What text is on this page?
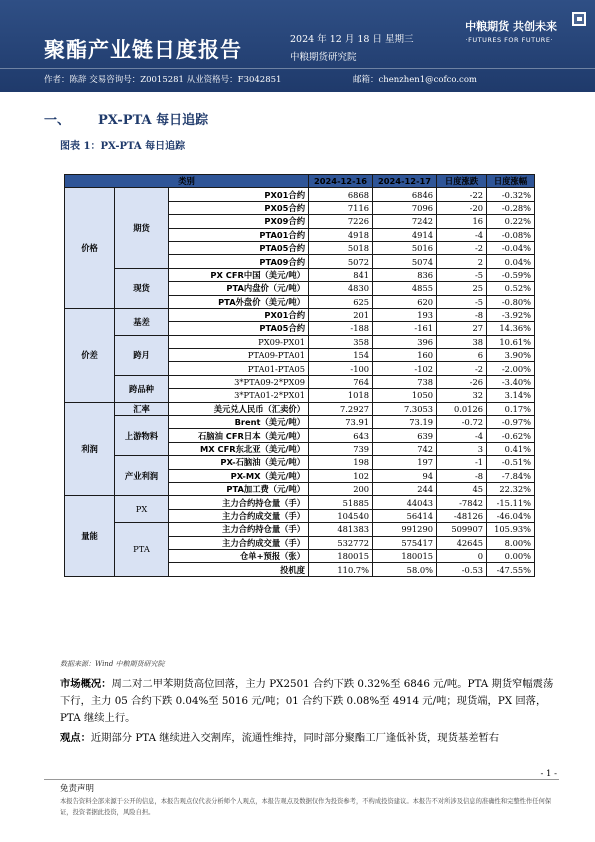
聚酯产业链日度报告	2024 年 12 月 18 日 星期三
中粮期货研究院
中粮期货 共创未来
·FUTURES FOR FUTURE·
作者：陈辞 交易咨询号：Z0015281 从业资格号：F3042851	邮箱：chenzhen1@cofco.com
一、 PX-PTA 每日追踪
图表 1：PX-PTA 每日追踪
类别			2024-12-16	2024-12-17	日度涨跌	日度涨幅
价格	期货	PX01合约	6868	6846	-22	-0.32%
		PX05合约	7116	7096	-20	-0.28%
		PX09合约	7226	7242	16	0.22%
		PTA01合约	4918	4914	-4	-0.08%
		PTA05合约	5018	5016	-2	-0.04%
		PTA09合约	5072	5074	2	0.04%
	现货	PX CFR中国（美元/吨）	841	836	-5	-0.59%
		PTA内盘价（元/吨）	4830	4855	25	0.52%
		PTA外盘价（美元/吨）	625	620	-5	-0.80%
价差	基差	PX01合约	201	193	-8	-3.92%
		PTA05合约	-188	-161	27	14.36%
	跨月	PX09-PX01	358	396	38	10.61%
		PTA09-PTA01	154	160	6	3.90%
		PTA01-PTA05	-100	-102	-2	-2.00%
	跨品种	3*PTA09-2*PX09	764	738	-26	-3.40%
		3*PTA01-2*PX01	1018	1050	32	3.14%
利润	汇率	美元兑人民币（汇卖价）	7.2927	7.3053	0.0126	0.17%
	上游物料	Brent（美元/吨）	73.91	73.19	-0.72	-0.97%
		石脑油 CFR日本（美元/吨）	643	639	-4	-0.62%
		MX CFR东北亚（美元/吨）	739	742	3	0.41%
	产业利润	PX-石脑油（美元/吨）	198	197	-1	-0.51%
		PX-MX（美元/吨）	102	94	-8	-7.84%
		PTA加工费（元/吨）	200	244	45	22.32%
量能	PX	主力合约持仓量（手）	51885	44043	-7842	-15.11%
		主力合约成交量（手）	104540	56414	-48126	-46.04%
	PTA	主力合约持仓量（手）	481383	991290	509907	105.93%
		主力合约成交量（手）	532772	575417	42645	8.00%
		仓单+预报（张）	180015	180015	0	0.00%
		投机度	110.7%	58.0%	-0.53	-47.55%
数据来源：Wind 中粮期货研究院
市场概况：周二对二甲苯期货高位回落，主力 PX2501 合约下跌 0.32%至 6846 元/吨。PTA 期货窄幅震荡下行，主力 05 合约下跌 0.04%至 5016 元/吨；01 合约下跌 0.08%至 4914 元/吨；现货端，PX 回落，PTA 继续上行。
观点：近期部分 PTA 继续进入交割库，流通性维持，同时部分聚酯工厂逢低补货，现货基差暂右
- 1 -
免责声明
本报告资料全部来源于公开的信息，本报告观点仅代表分析师个人观点，本报告观点及数据仅作为投资参考，不构成投资建议。本报告不对所涉及信息的准确性和完整性作任何保证，投资者据此投资，风险自担。
